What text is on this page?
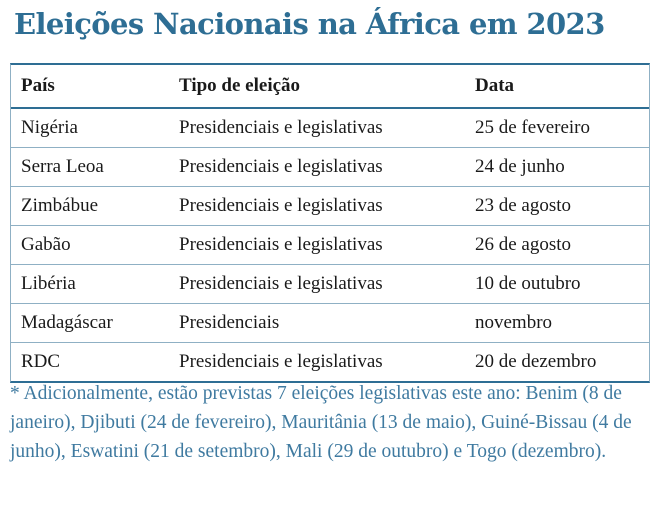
Eleições Nacionais na África em 2023
País	Tipo de eleição	Data
Nigéria	Presidenciais e legislativas	25 de fevereiro
Serra Leoa	Presidenciais e legislativas	24 de junho
Zimbábue	Presidenciais e legislativas	23 de agosto
Gabão	Presidenciais e legislativas	26 de agosto
Libéria	Presidenciais e legislativas	10 de outubro
Madagáscar	Presidenciais	novembro
RDC	Presidenciais e legislativas	20 de dezembro

* Adicionalmente, estão previstas 7 eleições legislativas este ano: Benim (8 de janeiro), Djibuti (24 de fevereiro), Mauritânia (13 de maio), Guiné-Bissau (4 de junho), Eswatini (21 de setembro), Mali (29 de outubro) e Togo (dezembro).
